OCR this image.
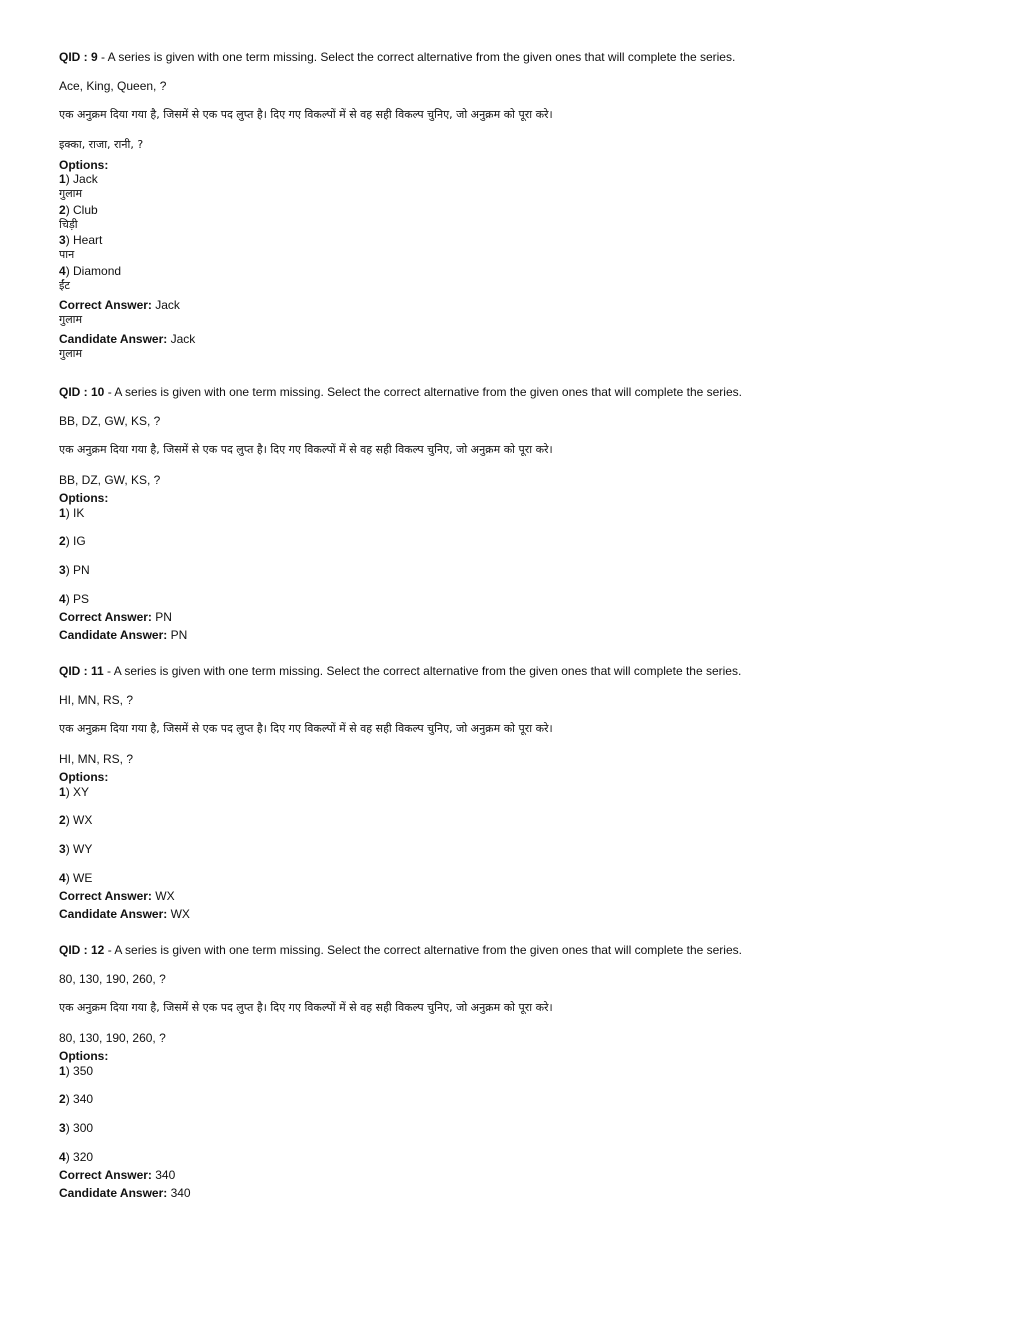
QID : 9 - A series is given with one term missing. Select the correct alternative from the given ones that will complete the series.
Ace, King, Queen, ?
एक अनुक्रम दिया गया है, जिसमें से एक पद लुप्त है। दिए गए विकल्पों में से वह सही विकल्प चुनिए, जो अनुक्रम को पूरा करे।
इक्का, राजा, रानी, ?
Options:
1) Jack
गुलाम
2) Club
चिड़ी
3) Heart
पान
4) Diamond
ईंट
Correct Answer: Jack
गुलाम
Candidate Answer: Jack
गुलाम
QID : 10 - A series is given with one term missing. Select the correct alternative from the given ones that will complete the series.
BB, DZ, GW, KS, ?
एक अनुक्रम दिया गया है, जिसमें से एक पद लुप्त है। दिए गए विकल्पों में से वह सही विकल्प चुनिए, जो अनुक्रम को पूरा करे।
BB, DZ, GW, KS, ?
Options:
1) IK
2) IG
3) PN
4) PS
Correct Answer: PN
Candidate Answer: PN
QID : 11 - A series is given with one term missing. Select the correct alternative from the given ones that will complete the series.
HI, MN, RS, ?
एक अनुक्रम दिया गया है, जिसमें से एक पद लुप्त है। दिए गए विकल्पों में से वह सही विकल्प चुनिए, जो अनुक्रम को पूरा करे।
HI, MN, RS, ?
Options:
1) XY
2) WX
3) WY
4) WE
Correct Answer: WX
Candidate Answer: WX
QID : 12 - A series is given with one term missing. Select the correct alternative from the given ones that will complete the series.
80, 130, 190, 260, ?
एक अनुक्रम दिया गया है, जिसमें से एक पद लुप्त है। दिए गए विकल्पों में से वह सही विकल्प चुनिए, जो अनुक्रम को पूरा करे।
80, 130, 190, 260, ?
Options:
1) 350
2) 340
3) 300
4) 320
Correct Answer: 340
Candidate Answer: 340
